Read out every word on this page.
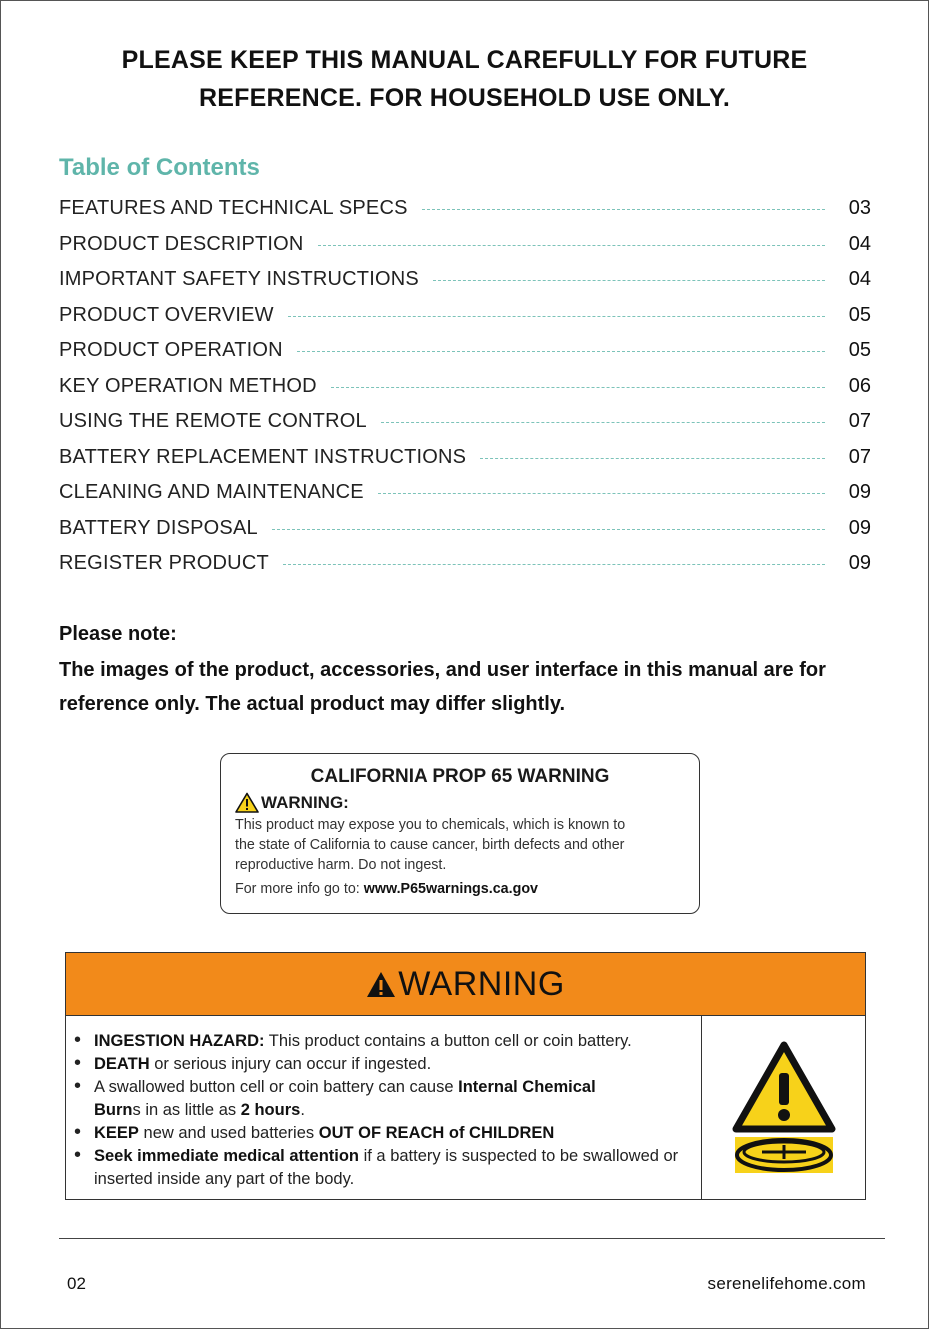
PLEASE KEEP THIS MANUAL CAREFULLY FOR FUTURE
REFERENCE. FOR HOUSEHOLD USE ONLY.
Table of Contents
FEATURES AND TECHNICAL SPECS	03
PRODUCT DESCRIPTION	04
IMPORTANT SAFETY INSTRUCTIONS	04
PRODUCT OVERVIEW	05
PRODUCT OPERATION	05
KEY OPERATION METHOD	06
USING THE REMOTE CONTROL	07
BATTERY REPLACEMENT INSTRUCTIONS	07
CLEANING AND MAINTENANCE	09
BATTERY DISPOSAL	09
REGISTER PRODUCT	09
Please note:
The images of the product, accessories, and user interface in this manual are for
reference only. The actual product may differ slightly.
CALIFORNIA PROP 65 WARNING
WARNING:
This product may expose you to chemicals, which is known to
the state of California to cause cancer, birth defects and other
reproductive harm. Do not ingest.
For more info go to: www.P65warnings.ca.gov
WARNING
• INGESTION HAZARD: This product contains a button cell or coin battery.
• DEATH or serious injury can occur if ingested.
• A swallowed button cell or coin battery can cause Internal Chemical
Burns in as little as 2 hours.
• KEEP new and used batteries OUT OF REACH of CHILDREN
• Seek immediate medical attention if a battery is suspected to be swallowed or inserted inside any part of the body.
02	serenelifehome.com
